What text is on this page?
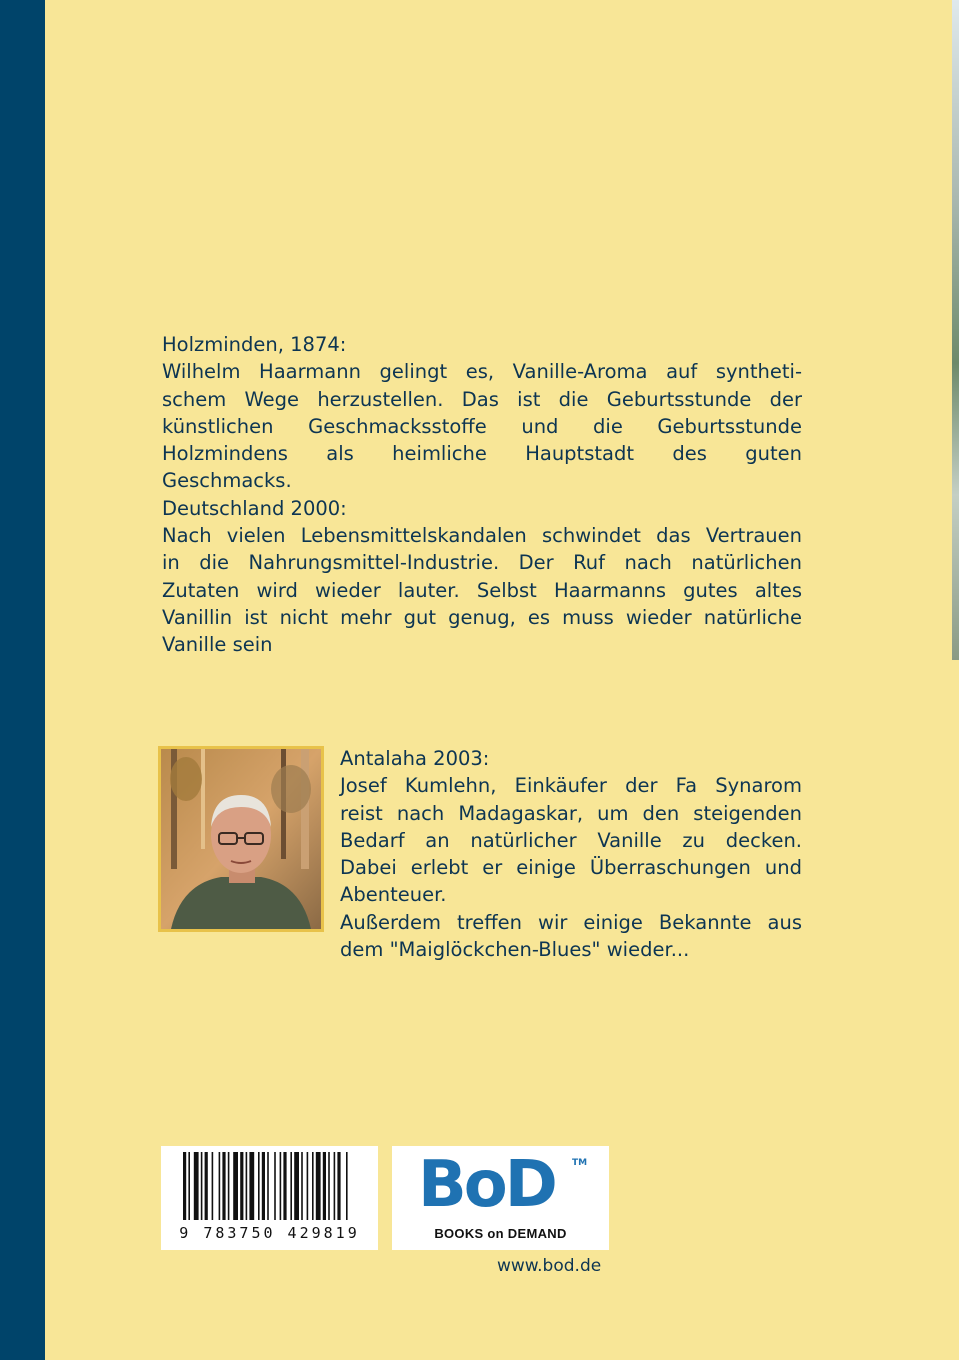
Holzminden, 1874:

Wilhelm Haarmann gelingt es, Vanille-Aroma auf syntheti-

schem Wege herzustellen. Das ist die Geburtsstunde der

künstlichen Geschmacksstoffe und die Geburtsstunde

Holzmindens als heimliche Hauptstadt des guten

Geschmacks.

Deutschland 2000:

Nach vielen Lebensmittelskandalen schwindet das Vertrauen

in die Nahrungsmittel-Industrie. Der Ruf nach natürlichen

Zutaten wird wieder lauter. Selbst Haarmanns gutes altes

Vanillin ist nicht mehr gut genug, es muss wieder natürliche

Vanille sein

Antalaha 2003:

Josef Kumlehn, Einkäufer der Fa Synarom

reist nach Madagaskar, um den steigenden

Bedarf an natürlicher Vanille zu decken.

Dabei erlebt er einige Überraschungen und

Abenteuer.

Außerdem treffen wir einige Bekannte aus

dem "Maiglöckchen-Blues" wieder...

9 783750 429819
BoD TM
BOOKS on DEMAND
www.bod.de
